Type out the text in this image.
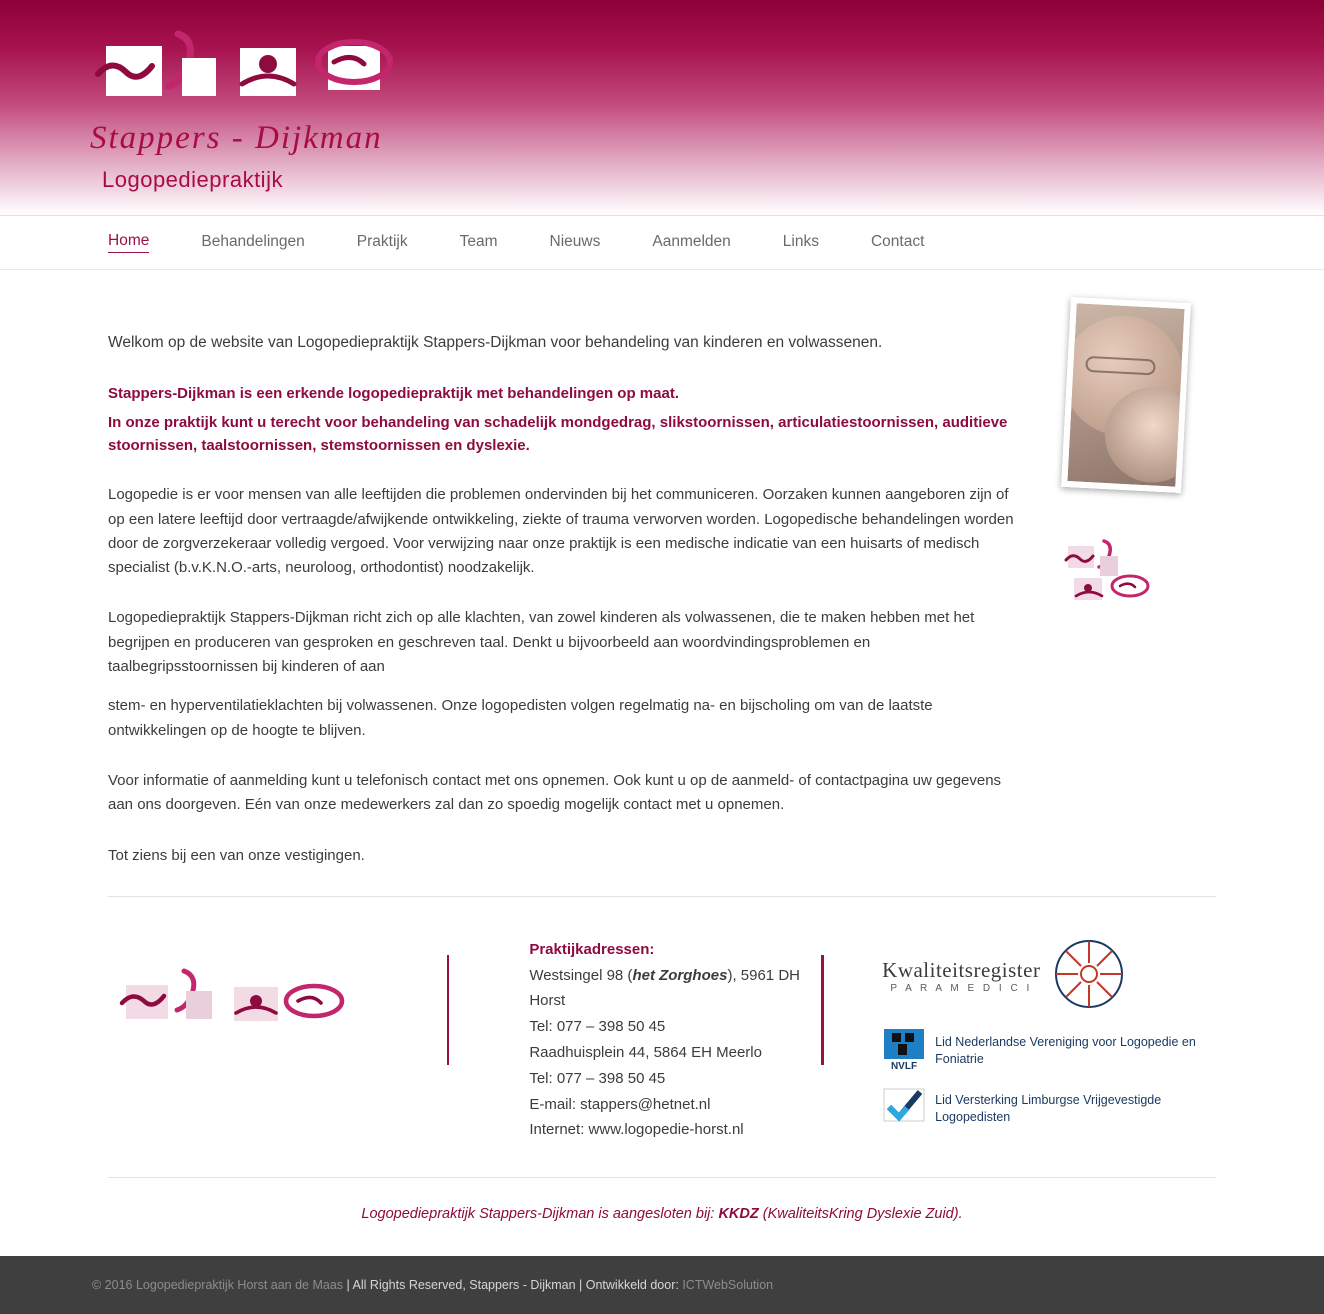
Stappers - Dijkman
Logopediepraktijk
Home	Behandelingen	Praktijk	Team	Nieuws	Aanmelden	Links	Contact

Welkom op de website van Logopediepraktijk Stappers-Dijkman voor behandeling van kinderen en volwassenen.

Stappers-Dijkman is een erkende logopediepraktijk met behandelingen op maat.

In onze praktijk kunt u terecht voor behandeling van schadelijk mondgedrag, slikstoornissen, articulatiestoornissen, auditieve stoornissen, taalstoornissen, stemstoornissen en dyslexie.

Logopedie is er voor mensen van alle leeftijden die problemen ondervinden bij het communiceren. Oorzaken kunnen aangeboren zijn of op een latere leeftijd door vertraagde/afwijkende ontwikkeling, ziekte of trauma verworven worden. Logopedische behandelingen worden door de zorgverzekeraar volledig vergoed. Voor verwijzing naar onze praktijk is een medische indicatie van een huisarts of medisch specialist (b.v.K.N.O.-arts, neuroloog, orthodontist) noodzakelijk.

Logopediepraktijk Stappers-Dijkman richt zich op alle klachten, van zowel kinderen als volwassenen, die te maken hebben met het begrijpen en produceren van gesproken en geschreven taal. Denkt u bijvoorbeeld aan woordvindingsproblemen en taalbegripsstoornissen bij kinderen of aan

stem- en hyperventilatieklachten bij volwassenen. Onze logopedisten volgen regelmatig na- en bijscholing om van de laatste ontwikkelingen op de hoogte te blijven.

Voor informatie of aanmelding kunt u telefonisch contact met ons opnemen. Ook kunt u op de aanmeld- of contactpagina uw gegevens aan ons doorgeven. Eén van onze medewerkers zal dan zo spoedig mogelijk contact met u opnemen.

Tot ziens bij een van onze vestigingen.

Praktijkadressen:
Westsingel 98 (het Zorghoes), 5961 DH Horst
Tel: 077 – 398 50 45
Raadhuisplein 44, 5864 EH Meerlo
Tel: 077 – 398 50 45
E-mail: stappers@hetnet.nl
Internet: www.logopedie-horst.nl
Kwaliteitsregister
P A R A M E D I C I
NVLF
Lid Nederlandse Vereniging voor Logopedie en Foniatrie
Lid Versterking Limburgse Vrijgevestigde Logopedisten
Logopediepraktijk Stappers-Dijkman is aangesloten bij: KKDZ (KwaliteitsKring Dyslexie Zuid).
© 2016 Logopediepraktijk Horst aan de Maas | All Rights Reserved, Stappers - Dijkman | Ontwikkeld door: ICTWebSolution
